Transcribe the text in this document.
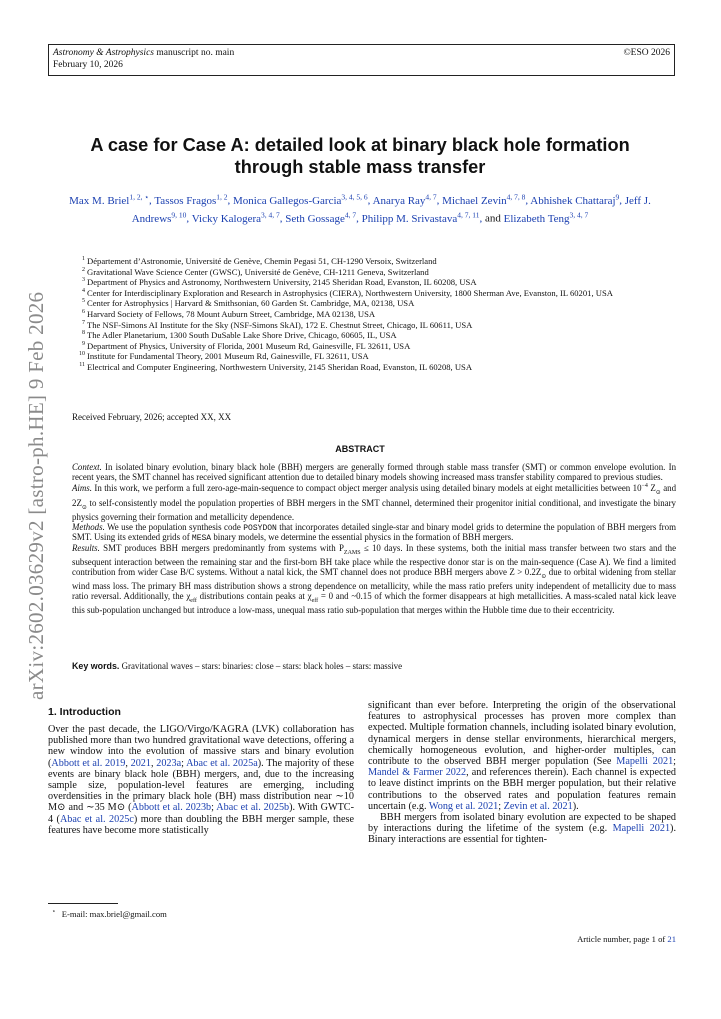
Astronomy & Astrophysics manuscript no. main
February 10, 2026
©ESO 2026
arXiv:2602.03629v2 [astro-ph.HE] 9 Feb 2026
A case for Case A: detailed look at binary black hole formation through stable mass transfer
Max M. Briel$^{1, 2, ⋆}$, Tassos Fragos$^{1, 2}$, Monica Gallegos-Garcia$^{3, 4, 5, 6}$, Anarya Ray$^{4, 7}$, Michael Zevin$^{4, 7, 8}$, Abhishek Chattaraj$^9$, Jeff J. Andrews$^{9, 10}$, Vicky Kalogera$^{3, 4, 7}$, Seth Gossage$^{4, 7}$, Philipp M. Srivastava$^{4, 7, 11}$, and Elizabeth Teng$^{3, 4, 7}$
1 Département d’Astronomie, Université de Genève, Chemin Pegasi 51, CH-1290 Versoix, Switzerland
2 Gravitational Wave Science Center (GWSC), Université de Genève, CH-1211 Geneva, Switzerland
3 Department of Physics and Astronomy, Northwestern University, 2145 Sheridan Road, Evanston, IL 60208, USA
4 Center for Interdisciplinary Exploration and Research in Astrophysics (CIERA), Northwestern University, 1800 Sherman Ave, Evanston, IL 60201, USA
5 Center for Astrophysics | Harvard & Smithsonian, 60 Garden St. Cambridge, MA, 02138, USA
6 Harvard Society of Fellows, 78 Mount Auburn Street, Cambridge, MA 02138, USA
7 The NSF-Simons AI Institute for the Sky (NSF-Simons SkAI), 172 E. Chestnut Street, Chicago, IL 60611, USA
8 The Adler Planetarium, 1300 South DuSable Lake Shore Drive, Chicago, 60605, IL, USA
9 Department of Physics, University of Florida, 2001 Museum Rd, Gainesville, FL 32611, USA
10 Institute for Fundamental Theory, 2001 Museum Rd, Gainesville, FL 32611, USA
11 Electrical and Computer Engineering, Northwestern University, 2145 Sheridan Road, Evanston, IL 60208, USA
Received February, 2026; accepted XX, XX
ABSTRACT

Context. In isolated binary evolution, binary black hole (BBH) mergers are generally formed through stable mass transfer (SMT) or common envelope evolution. In recent years, the SMT channel has received significant attention due to detailed binary models showing increased mass transfer stability compared to previous studies.

Aims. In this work, we perform a full zero-age-main-sequence to compact object merger analysis using detailed binary models at eight metallicities between $10^{-4}$ $Z_⊙$ and $2Z_⊙$ to self-consistently model the population properties of BBH mergers in the SMT channel, determined their progenitor initial conditional, and investigate the binary physics governing their formation and metallicity dependence.

Methods. We use the population synthesis code POSYDON that incorporates detailed single-star and binary model grids to determine the population of BBH mergers from SMT. Using its extended grids of MESA binary models, we determine the essential physics in the formation of BBH mergers.

Results. SMT produces BBH mergers predominantly from systems with $P_{ZAMS} \le 10$ days. In these systems, both the initial mass transfer between two stars and the subsequent interaction between the remaining star and the first-born BH take place while the respective donor star is on the main-sequence (Case A). We find a limited contribution from wider Case B/C systems. Without a natal kick, the SMT channel does not produce BBH mergers above $Z > 0.2Z_⊙$ due to orbital widening from stellar wind mass loss. The primary BH mass distribution shows a strong dependence on metallicity, while the mass ratio prefers unity independent of metallicity due to mass ratio reversal. Additionally, the $\chi_{eff}$ distributions contain peaks at $\chi_{eff} = 0$ and ~0.15 of which the former disappears at high metallicities. A mass-scaled natal kick leave this sub-population unchanged but introduce a low-mass, unequal mass ratio sub-population that merges within the Hubble time due to their eccentricity.

Key words. Gravitational waves – stars: binaries: close – stars: black holes – stars: massive
1. Introduction
Over the past decade, the LIGO/Virgo/KAGRA (LVK) collaboration has published more than two hundred gravitational wave detections, offering a new window into the evolution of massive stars and binary evolution (Abbott et al. 2019, 2021, 2023a; Abac et al. 2025a). The majority of these events are binary black hole (BBH) mergers, and, due to the increasing sample size, population-level features are emerging, including overdensities in the primary black hole (BH) mass distribution near ∼10 M⊙ and ∼35 M⊙ (Abbott et al. 2023b; Abac et al. 2025b). With GWTC-4 (Abac et al. 2025c) more than doubling the BBH merger sample, these features have become more statistically

significant than ever before. Interpreting the origin of the observational features to astrophysical processes has proven more complex than expected. Multiple formation channels, including isolated binary evolution, dynamical mergers in dense stellar environments, hierarchical mergers, chemically homogeneous evolution, and higher-order multiples, can contribute to the observed BBH merger population (See Mapelli 2021; Mandel & Farmer 2022, and references therein). Each channel is expected to leave distinct imprints on the BBH merger population, but their relative contributions to the observed rates and population features remain uncertain (e.g. Wong et al. 2021; Zevin et al. 2021).

BBH mergers from isolated binary evolution are expected to be shaped by interactions during the lifetime of the system (e.g. Mapelli 2021). Binary interactions are essential for tighten-

⋆ E-mail: max.briel@gmail.com
Article number, page 1 of 21
